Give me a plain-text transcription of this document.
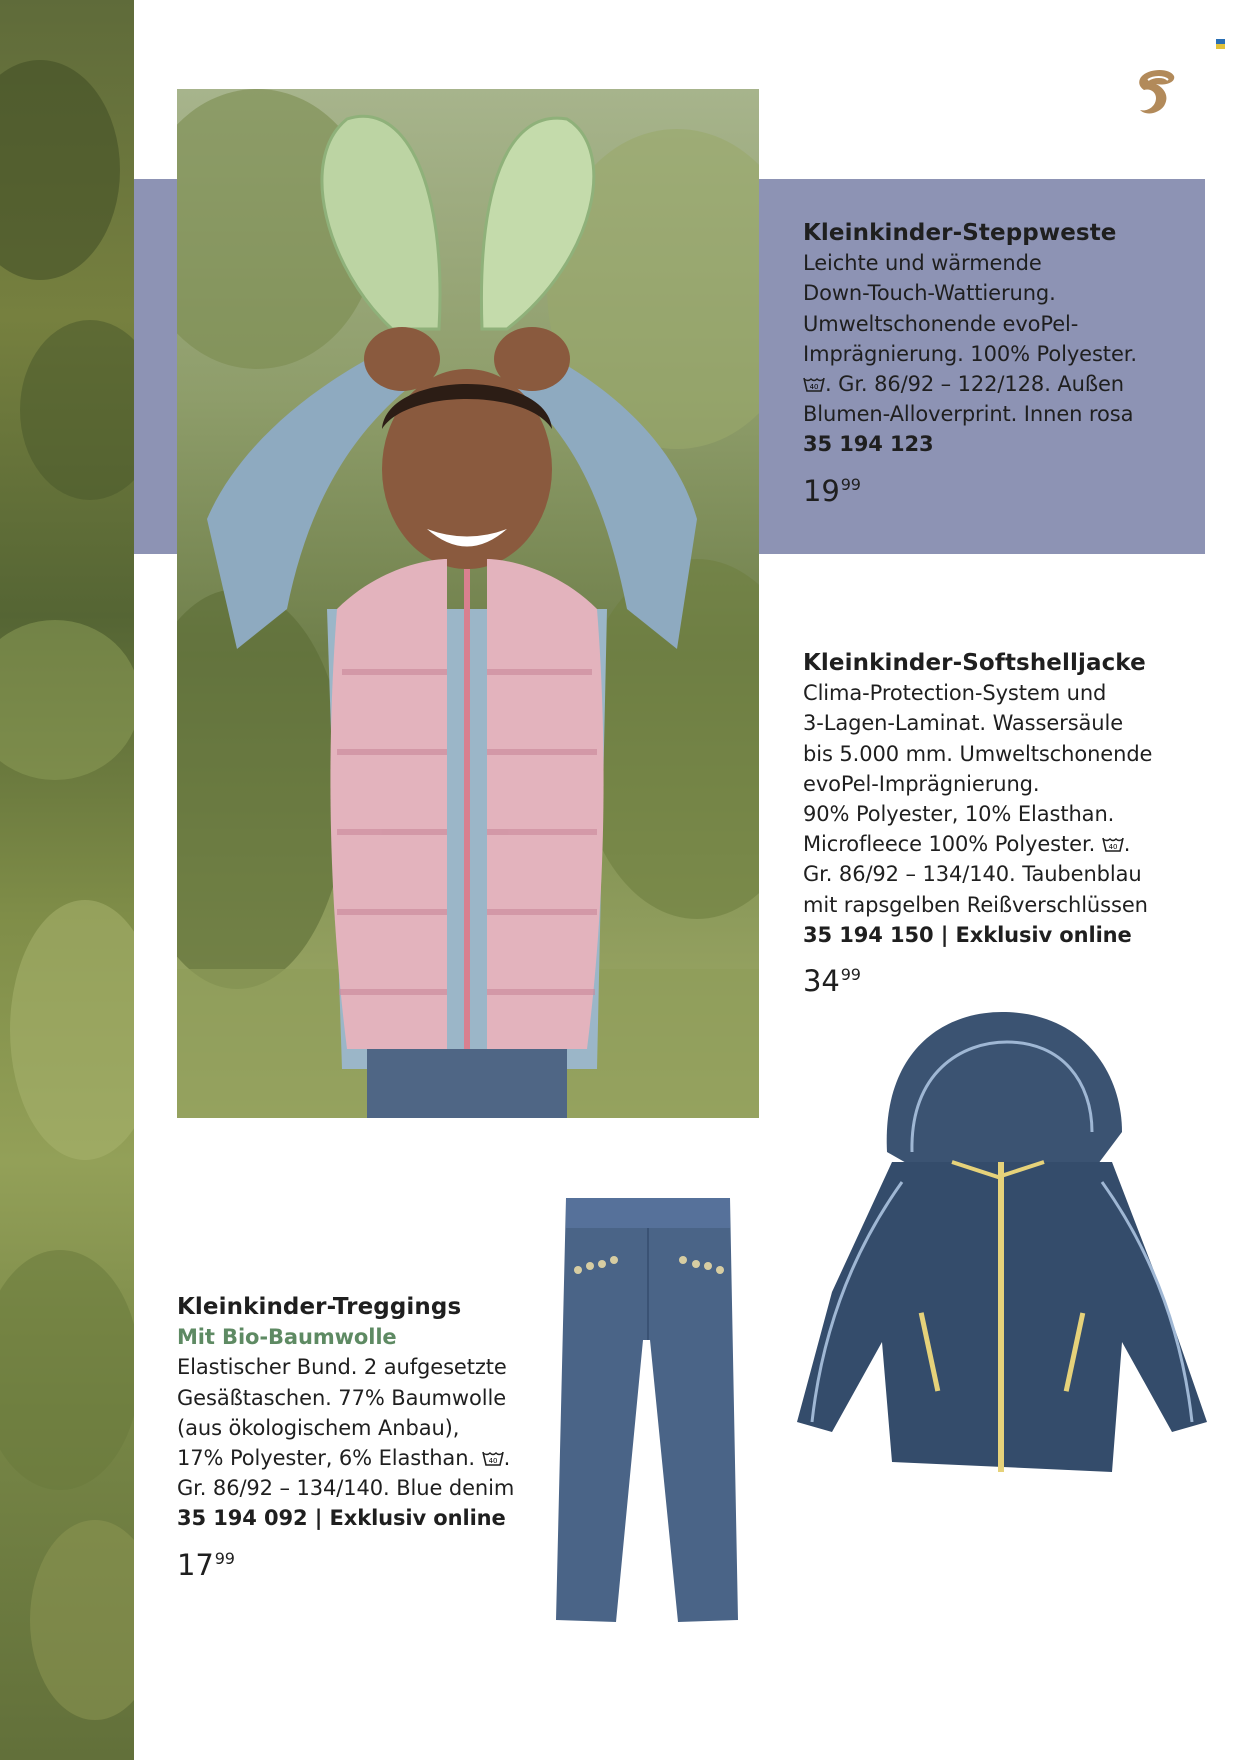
Kleinkinder-Steppweste
Leichte und wärmende
Down-Touch-Wattierung.
Umweltschonende evoPel-
Imprägnierung. 100% Polyester.
40 . Gr. 86/92 – 122/128. Außen
Blumen-Alloverprint. Innen rosa
35 194 123
$19^{99}$
Kleinkinder-Softshelljacke
Clima-Protection-System und
3-Lagen-Laminat. Wassersäule
bis 5.000 mm. Umweltschonende
evoPel-Imprägnierung.
90% Polyester, 10% Elasthan.
Microfleece 100% Polyester. 40 .
Gr. 86/92 – 134/140. Taubenblau
mit rapsgelben Reißverschlüssen
35 194 150 | Exklusiv online
$34^{99}$
Kleinkinder-Treggings
Mit Bio-Baumwolle
Elastischer Bund. 2 aufgesetzte
Gesäßtaschen. 77% Baumwolle
(aus ökologischem Anbau),
17% Polyester, 6% Elasthan. 40 .
Gr. 86/92 – 134/140. Blue denim
35 194 092 | Exklusiv online
$17^{99}$
